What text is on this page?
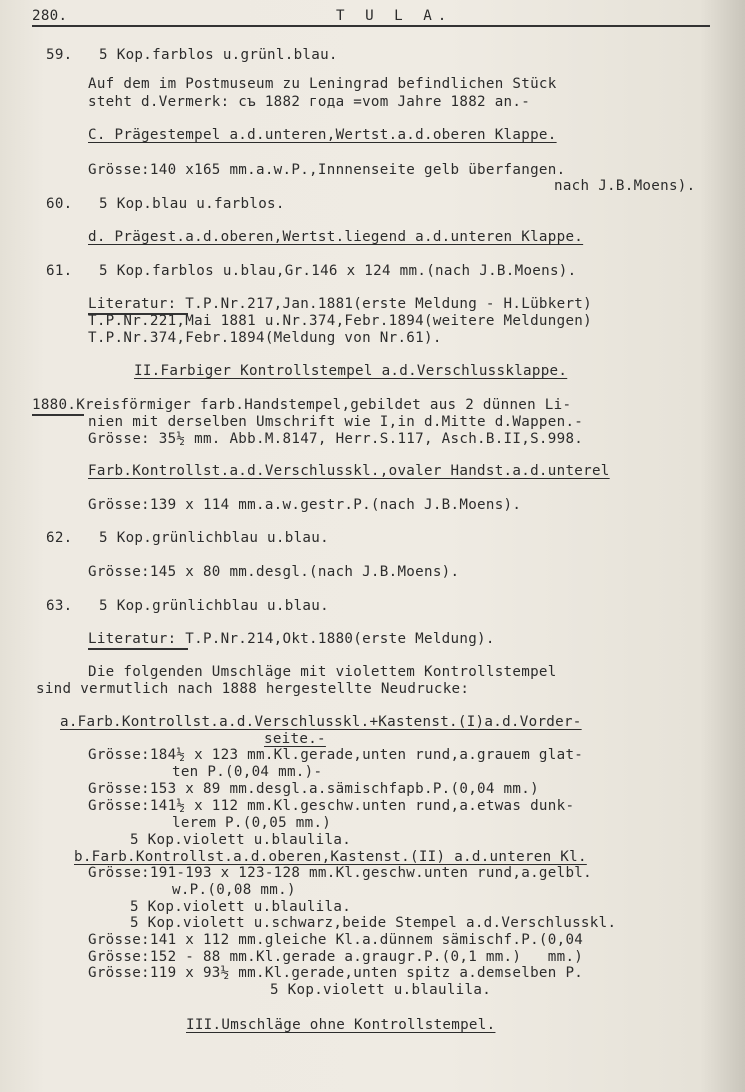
280.	T U L A.
59.   5 Kop.farblos u.grünl.blau.
Auf dem im Postmuseum zu Leningrad befindlichen Stück
steht d.Vermerk: съ 1882 года =vom Jahre 1882 an.-
C. Prägestempel a.d.unteren,Wertst.a.d.oberen Klappe.
Grösse:140 x165 mm.a.w.P.,Innnenseite gelb überfangen.
nach J.B.Moens).
60.   5 Kop.blau u.farblos.
d. Prägest.a.d.oberen,Wertst.liegend a.d.unteren Klappe.
61.   5 Kop.farblos u.blau,Gr.146 x 124 mm.(nach J.B.Moens).
Literatur: T.P.Nr.217,Jan.1881(erste Meldung - H.Lübkert)
T.P.Nr.221,Mai 1881 u.Nr.374,Febr.1894(weitere Meldungen)
T.P.Nr.374,Febr.1894(Meldung von Nr.61).
II.Farbiger Kontrollstempel a.d.Verschlussklappe.
1880.Kreisförmiger farb.Handstempel,gebildet aus 2 dünnen Li-
nien mit derselben Umschrift wie I,in d.Mitte d.Wappen.-
Grösse: 35½ mm. Abb.M.8147, Herr.S.117, Asch.B.II,S.998.
Farb.Kontrollst.a.d.Verschlusskl.,ovaler Handst.a.d.unterel
Grösse:139 x 114 mm.a.w.gestr.P.(nach J.B.Moens).
62.   5 Kop.grünlichblau u.blau.
Grösse:145 x 80 mm.desgl.(nach J.B.Moens).
63.   5 Kop.grünlichblau u.blau.
Literatur: T.P.Nr.214,Okt.1880(erste Meldung).
Die folgenden Umschläge mit violettem Kontrollstempel
sind vermutlich nach 1888 hergestellte Neudrucke:
a.Farb.Kontrollst.a.d.Verschlusskl.+Kastenst.(I)a.d.Vorder-
seite.-
Grösse:184½ x 123 mm.Kl.gerade,unten rund,a.grauem glat-
ten P.(0,04 mm.)-
Grösse:153 x 89 mm.desgl.a.sämischfapb.P.(0,04 mm.)
Grösse:141½ x 112 mm.Kl.geschw.unten rund,a.etwas dunk-
lerem P.(0,05 mm.)
5 Kop.violett u.blaulila.
b.Farb.Kontrollst.a.d.oberen,Kastenst.(II) a.d.unteren Kl.
Grösse:191-193 x 123-128 mm.Kl.geschw.unten rund,a.gelbl.
w.P.(0,08 mm.)
5 Kop.violett u.blaulila.
5 Kop.violett u.schwarz,beide Stempel a.d.Verschlusskl.
Grösse:141 x 112 mm.gleiche Kl.a.dünnem sämischf.P.(0,04
Grösse:152 - 88 mm.Kl.gerade a.graugr.P.(0,1 mm.)   mm.)
Grösse:119 x 93½ mm.Kl.gerade,unten spitz a.demselben P.
5 Kop.violett u.blaulila.
III.Umschläge ohne Kontrollstempel.
